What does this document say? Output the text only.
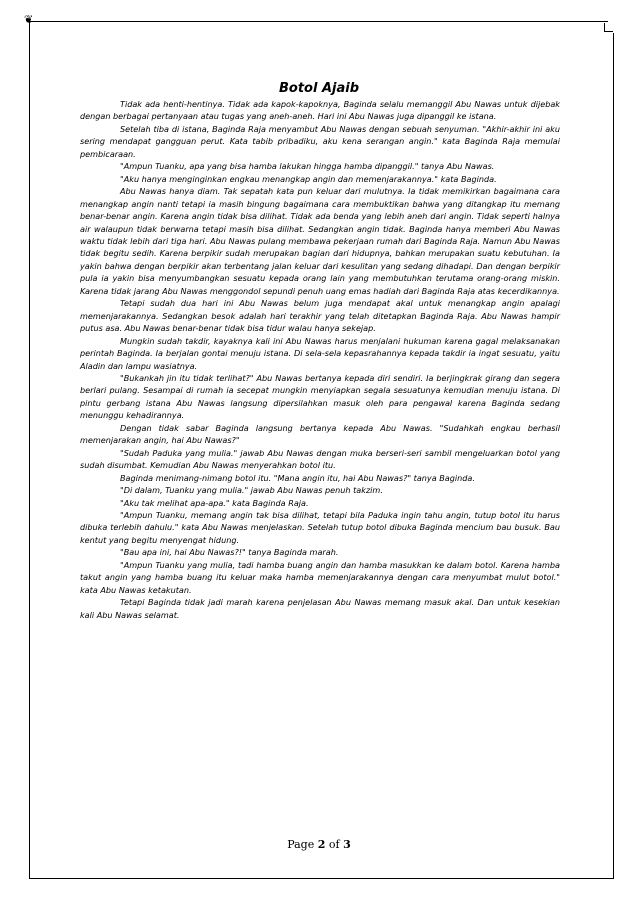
❦
Botol Ajaib

Tidak ada henti-hentinya. Tidak ada kapok-kapoknya, Baginda selalu memanggil Abu Nawas untuk dijebak dengan berbagai pertanyaan atau tugas yang aneh-aneh. Hari ini Abu Nawas juga dipanggil ke istana.

Setelah tiba di istana, Baginda Raja menyambut Abu Nawas dengan sebuah senyuman. "Akhir-akhir ini aku sering mendapat gangguan perut. Kata tabib pribadiku, aku kena serangan angin." kata Baginda Raja memulai pembicaraan.

"Ampun Tuanku, apa yang bisa hamba lakukan hingga hamba dipanggil." tanya Abu Nawas.

"Aku hanya menginginkan engkau menangkap angin dan memenjarakannya." kata Baginda.

Abu Nawas hanya diam. Tak sepatah kata pun keluar dari mulutnya. Ia tidak memikirkan bagaimana cara menangkap angin nanti tetapi ia masih bingung bagaimana cara membuktikan bahwa yang ditangkap itu memang benar-benar angin. Karena angin tidak bisa dilihat. Tidak ada benda yang lebih aneh dari angin. Tidak seperti halnya air walaupun tidak berwarna tetapi masih bisa dilihat. Sedangkan angin tidak. Baginda hanya memberi Abu Nawas waktu tidak lebih dari tiga hari. Abu Nawas pulang membawa pekerjaan rumah dari Baginda Raja. Namun Abu Nawas tidak begitu sedih. Karena berpikir sudah merupakan bagian dari hidupnya, bahkan merupakan suatu kebutuhan. Ia yakin bahwa dengan berpikir akan terbentang jalan keluar dari kesulitan yang sedang dihadapi. Dan dengan berpikir pula ia yakin bisa menyumbangkan sesuatu kepada orang lain yang membutuhkan terutama orang-orang miskin. Karena tidak jarang Abu Nawas menggondol sepundi penuh uang emas hadiah dari Baginda Raja atas kecerdikannya.

Tetapi sudah dua hari ini Abu Nawas belum juga mendapat akal untuk menangkap angin apalagi memenjarakannya. Sedangkan besok adalah hari terakhir yang telah ditetapkan Baginda Raja. Abu Nawas hampir putus asa. Abu Nawas benar-benar tidak bisa tidur walau hanya sekejap.

Mungkin sudah takdir, kayaknya kali ini Abu Nawas harus menjalani hukuman karena gagal melaksanakan perintah Baginda. Ia berjalan gontai menuju istana. Di sela-sela kepasrahannya kepada takdir ia ingat sesuatu, yaitu Aladin dan lampu wasiatnya.

"Bukankah jin itu tidak terlihat?" Abu Nawas bertanya kepada diri sendiri. Ia berjingkrak girang dan segera berlari pulang. Sesampai di rumah ia secepat mungkin menyiapkan segala sesuatunya kemudian menuju istana. Di pintu gerbang istana Abu Nawas langsung dipersilahkan masuk oleh para pengawal karena Baginda sedang menunggu kehadirannya.

Dengan tidak sabar Baginda langsung bertanya kepada Abu Nawas. "Sudahkah engkau berhasil memenjarakan angin, hai Abu Nawas?"

"Sudah Paduka yang mulia." jawab Abu Nawas dengan muka berseri-seri sambil mengeluarkan botol yang sudah disumbat. Kemudian Abu Nawas menyerahkan botol itu.

Baginda menimang-nimang botol itu. "Mana angin itu, hai Abu Nawas?" tanya Baginda.

"Di dalam, Tuanku yang mulia." jawab Abu Nawas penuh takzim.

"Aku tak melihat apa-apa." kata Baginda Raja.

"Ampun Tuanku, memang angin tak bisa dilihat, tetapi bila Paduka ingin tahu angin, tutup botol itu harus dibuka terlebih dahulu." kata Abu Nawas menjelaskan. Setelah tutup botol dibuka Baginda mencium bau busuk. Bau kentut yang begitu menyengat hidung.

"Bau apa ini, hai Abu Nawas?!" tanya Baginda marah.

"Ampun Tuanku yang mulia, tadi hamba buang angin dan hamba masukkan ke dalam botol. Karena hamba takut angin yang hamba buang itu keluar maka hamba memenjarakannya dengan cara menyumbat mulut botol." kata Abu Nawas ketakutan.

Tetapi Baginda tidak jadi marah karena penjelasan Abu Nawas memang masuk akal. Dan untuk kesekian kali Abu Nawas selamat.

Page 2 of 3
